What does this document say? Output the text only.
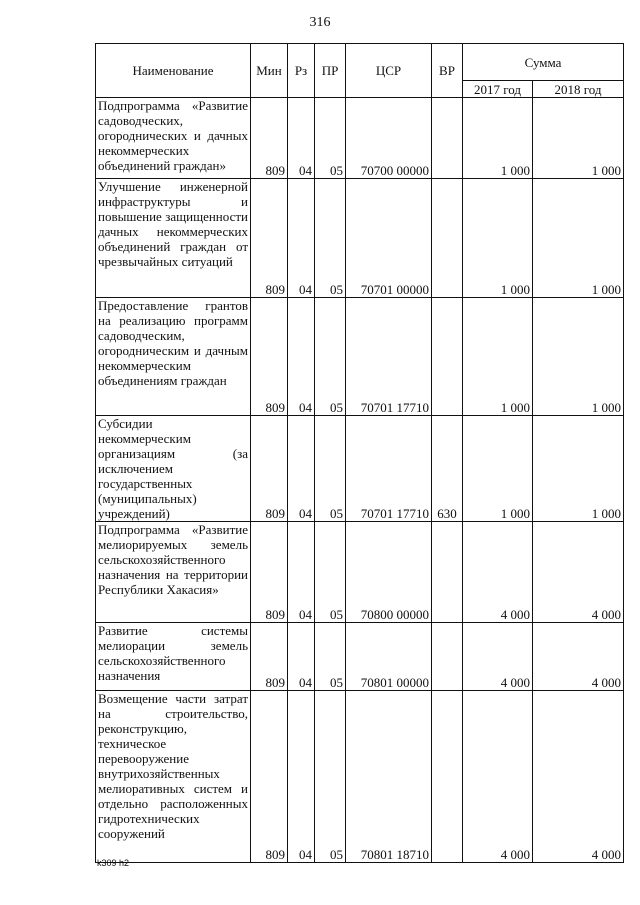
316
Наименование	Мин	Рз	ПР	ЦСР	ВР	Сумма	
						2017 год	2018 год
Подпрограмма «Развитие садоводческих, огороднических и дачных некоммерческих объединений граждан»	809	04	05	70700 00000		1 000	1 000
Улучшение инженерной инфраструктуры и повышение защищенности дачных некоммерческих объединений граждан от чрезвычайных ситуаций	809	04	05	70701 00000		1 000	1 000
Предоставление грантов на реализацию программ садоводческим, огородническим и дачным некоммерческим объединениям граждан	809	04	05	70701 17710		1 000	1 000
Субсидии некоммерческим организациям (за исключением государственных (муниципальных) учреждений)	809	04	05	70701 17710	630	1 000	1 000
Подпрограмма «Развитие мелиорируемых земель сельскохозяйственного назначения на территории Республики Хакасия»	809	04	05	70800 00000		4 000	4 000
Развитие системы мелиорации земель сельскохозяйственного назначения	809	04	05	70801 00000		4 000	4 000
Возмещение части затрат на строительство, реконструкцию, техническое перевооружение внутрихозяйственных мелиоративных систем и отдельно расположенных гидротехнических сооружений	809	04	05	70801 18710		4 000	4 000
k309 h2
